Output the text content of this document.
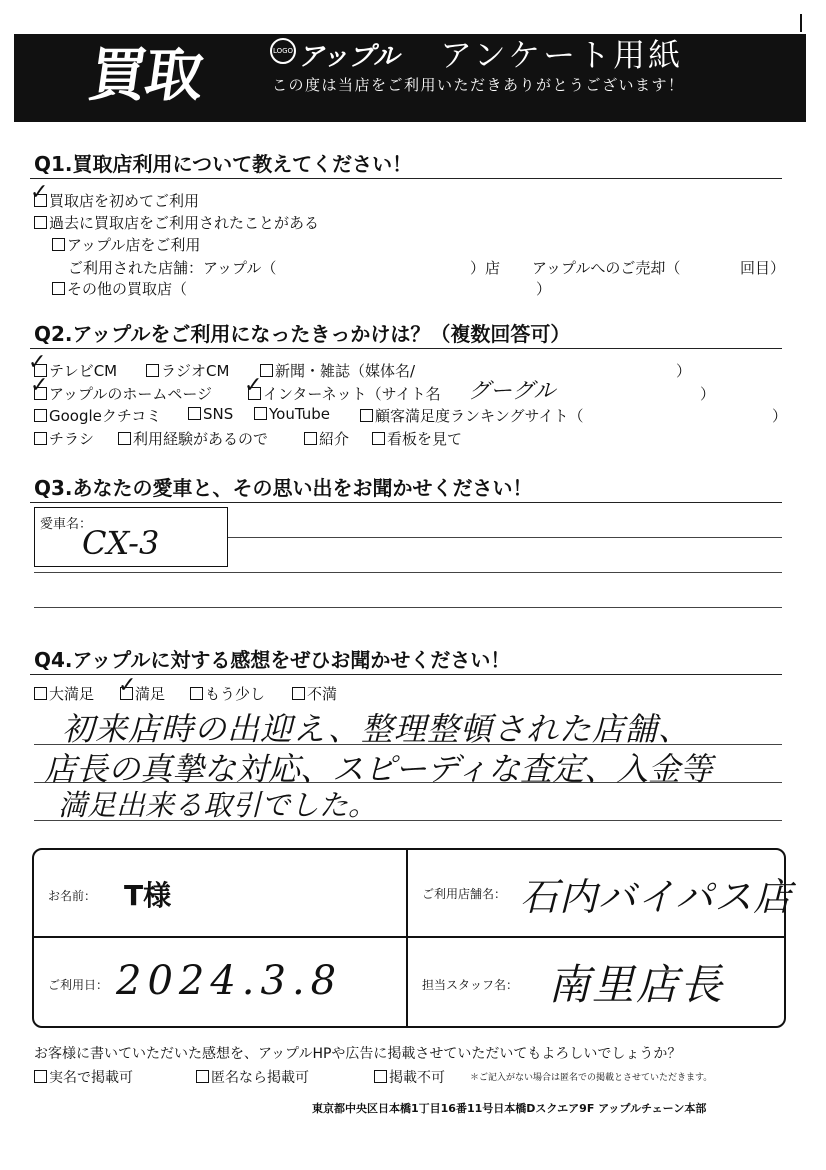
買取	LOGO アップル アンケート用紙
この度は当店をご利用いただきありがとうございます！
Q1.買取店利用について教えてください！
買取店を初めてご利用
✓
過去に買取店をご利用されたことがある
アップル店をご利用
ご利用された店舗：アップル（	）店 アップルへのご売却（	回目）
その他の買取店（	）
Q2.アップルをご利用になったきっかけは？（複数回答可）
テレビCM
✓	ラジオCM	新聞・雑誌（媒体名/	）
アップルのホームページ
✓	インターネット（サイト名
✓	グーグル	）
Googleクチコミ	SNS	YouTube	顧客満足度ランキングサイト（	）
チラシ	利用経験があるので	紹介	看板を見て
Q3.あなたの愛車と、その思い出をお聞かせください！
愛車名：
CX-3
Q4.アップルに対する感想をぜひお聞かせください！
大満足	満足
✓	もう少し	不満
初来店時の出迎え、整理整頓された店舗、
店長の真摯な対応、スピーディな査定、入金等
満足出来る取引でした。
お名前： T様	ご利用店舗名： 石内バイパス店
ご利用日： 2024.3.8	担当スタッフ名： 南里店長
お客様に書いていただいた感想を、アップルHPや広告に掲載させていただいてもよろしいでしょうか？
実名で掲載可	匿名なら掲載可	掲載不可	＊ご記入がない場合は匿名での掲載とさせていただきます。
東京都中央区日本橋1丁目16番11号日本橋Dスクエア9F アップルチェーン本部
